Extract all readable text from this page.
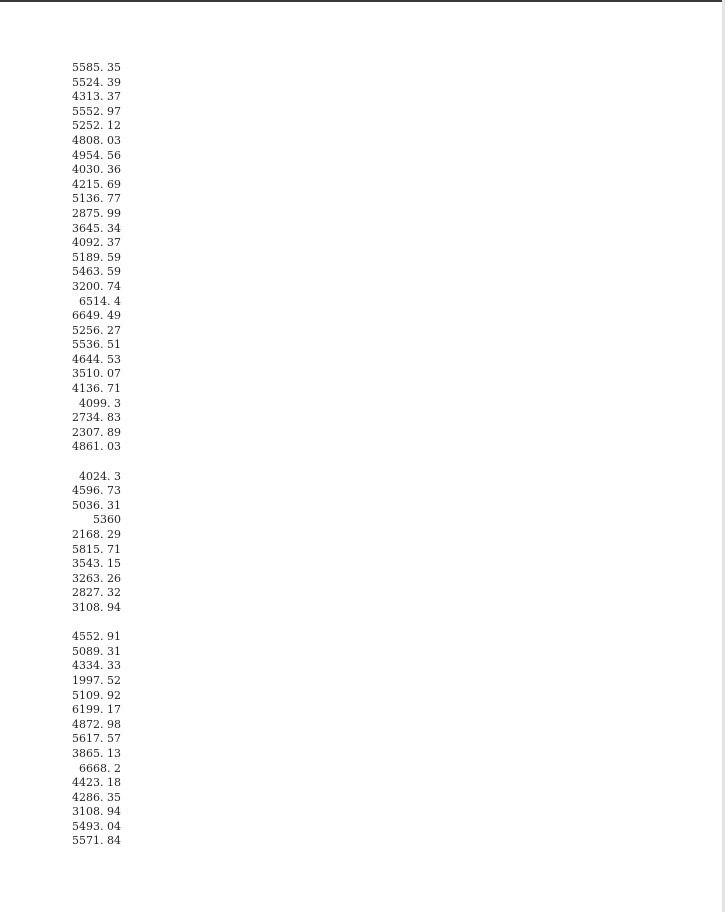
5585. 35
5524. 39
4313. 37
5552. 97
5252. 12
4808. 03
4954. 56
4030. 36
4215. 69
5136. 77
2875. 99
3645. 34
4092. 37
5189. 59
5463. 59
3200. 74
6514. 4
6649. 49
5256. 27
5536. 51
4644. 53
3510. 07
4136. 71
4099. 3
2734. 83
2307. 89
4861. 03
4024. 3
4596. 73
5036. 31
5360
2168. 29
5815. 71
3543. 15
3263. 26
2827. 32
3108. 94
4552. 91
5089. 31
4334. 33
1997. 52
5109. 92
6199. 17
4872. 98
5617. 57
3865. 13
6668. 2
4423. 18
4286. 35
3108. 94
5493. 04
5571. 84
